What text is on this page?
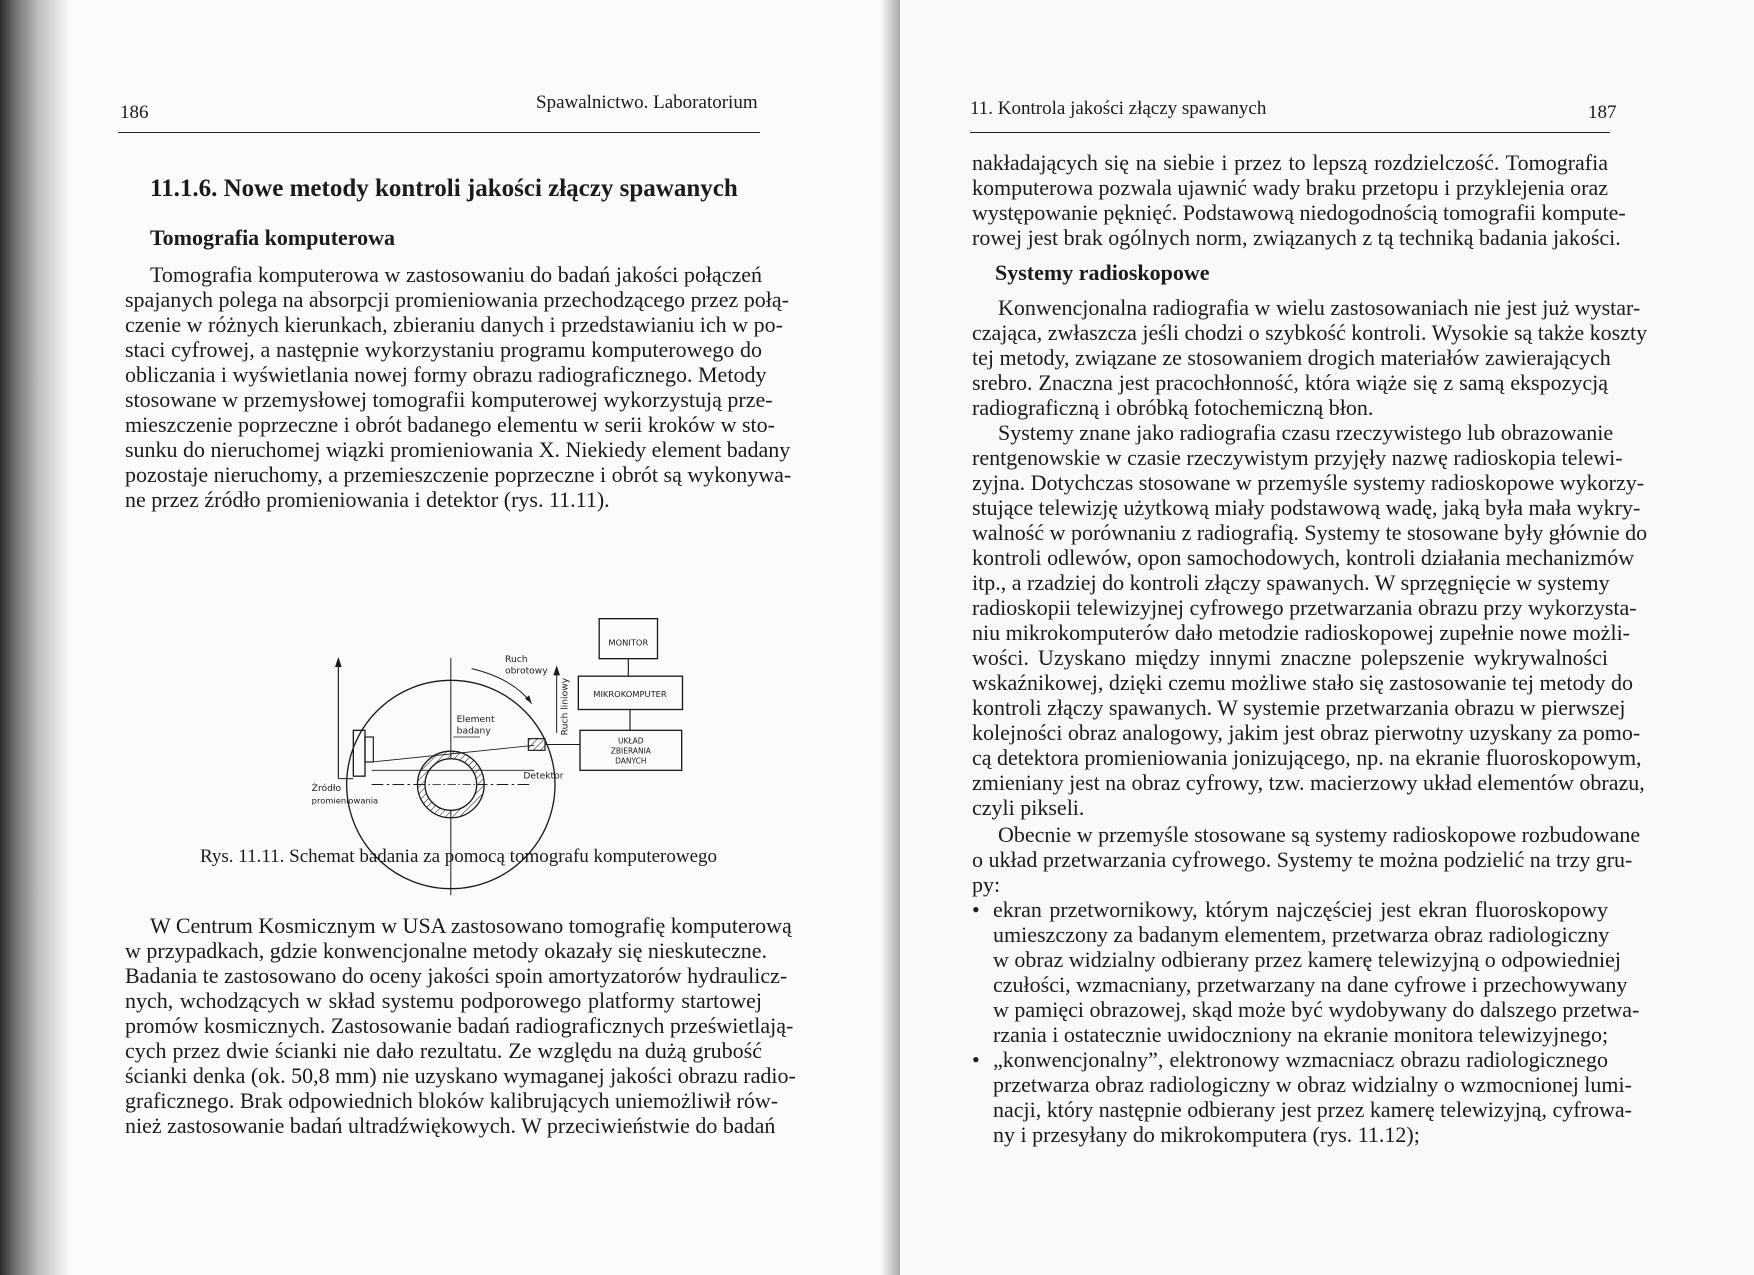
186	Spawalnictwo. Laboratorium
11.1.6. Nowe metody kontroli jakości złączy spawanych
Tomografia komputerowa
Tomografia komputerowa w zastosowaniu do badań jakości połączeń
spajanych polega na absorpcji promieniowania przechodzącego przez połą-
czenie w różnych kierunkach, zbieraniu danych i przedstawianiu ich w po-
staci cyfrowej, a następnie wykorzystaniu programu komputerowego do
obliczania i wyświetlania nowej formy obrazu radiograficznego. Metody
stosowane w przemysłowej tomografii komputerowej wykorzystują prze-
mieszczenie poprzeczne i obrót badanego elementu w serii kroków w sto-
sunku do nieruchomej wiązki promieniowania X. Niekiedy element badany
pozostaje nieruchomy, a przemieszczenie poprzeczne i obrót są wykonywa-
ne przez źródło promieniowania i detektor (rys. 11.11).
Element
badany
Ruch
obrotowy
Źródło
promieniowania
Detektor
Ruch liniowy
MONITOR
MIKROKOMPUTER
UKŁAD
ZBIERANIA
DANYCH
Rys. 11.11. Schemat badania za pomocą tomografu komputerowego
W Centrum Kosmicznym w USA zastosowano tomografię komputerową
w przypadkach, gdzie konwencjonalne metody okazały się nieskuteczne.
Badania te zastosowano do oceny jakości spoin amortyzatorów hydraulicz-
nych, wchodzących w skład systemu podporowego platformy startowej
promów kosmicznych. Zastosowanie badań radiograficznych prześwietlają-
cych przez dwie ścianki nie dało rezultatu. Ze względu na dużą grubość
ścianki denka (ok. 50,8 mm) nie uzyskano wymaganej jakości obrazu radio-
graficznego. Brak odpowiednich bloków kalibrujących uniemożliwił rów-
nież zastosowanie badań ultradźwiękowych. W przeciwieństwie do badań
11. Kontrola jakości złączy spawanych	187
nakładających się na siebie i przez to lepszą rozdzielczość. Tomografia
komputerowa pozwala ujawnić wady braku przetopu i przyklejenia oraz
występowanie pęknięć. Podstawową niedogodnością tomografii kompute-
rowej jest brak ogólnych norm, związanych z tą techniką badania jakości.
Systemy radioskopowe
Konwencjonalna radiografia w wielu zastosowaniach nie jest już wystar-
czająca, zwłaszcza jeśli chodzi o szybkość kontroli. Wysokie są także koszty
tej metody, związane ze stosowaniem drogich materiałów zawierających
srebro. Znaczna jest pracochłonność, która wiąże się z samą ekspozycją
radiograficzną i obróbką fotochemiczną błon.
Systemy znane jako radiografia czasu rzeczywistego lub obrazowanie
rentgenowskie w czasie rzeczywistym przyjęły nazwę radioskopia telewi-
zyjna. Dotychczas stosowane w przemyśle systemy radioskopowe wykorzy-
stujące telewizję użytkową miały podstawową wadę, jaką była mała wykry-
walność w porównaniu z radiografią. Systemy te stosowane były głównie do
kontroli odlewów, opon samochodowych, kontroli działania mechanizmów
itp., a rzadziej do kontroli złączy spawanych. W sprzęgnięcie w systemy
radioskopii telewizyjnej cyfrowego przetwarzania obrazu przy wykorzysta-
niu mikrokomputerów dało metodzie radioskopowej zupełnie nowe możli-
wości. Uzyskano między innymi znaczne polepszenie wykrywalności
wskaźnikowej, dzięki czemu możliwe stało się zastosowanie tej metody do
kontroli złączy spawanych. W systemie przetwarzania obrazu w pierwszej
kolejności obraz analogowy, jakim jest obraz pierwotny uzyskany za pomo-
cą detektora promieniowania jonizującego, np. na ekranie fluoroskopowym,
zmieniany jest na obraz cyfrowy, tzw. macierzowy układ elementów obrazu,
czyli pikseli.
Obecnie w przemyśle stosowane są systemy radioskopowe rozbudowane
o układ przetwarzania cyfrowego. Systemy te można podzielić na trzy gru-
py:
• ekran przetwornikowy, którym najczęściej jest ekran fluoroskopowy
umieszczony za badanym elementem, przetwarza obraz radiologiczny
w obraz widzialny odbierany przez kamerę telewizyjną o odpowiedniej
czułości, wzmacniany, przetwarzany na dane cyfrowe i przechowywany
w pamięci obrazowej, skąd może być wydobywany do dalszego przetwa-
rzania i ostatecznie uwidoczniony na ekranie monitora telewizyjnego;
• „konwencjonalny”, elektronowy wzmacniacz obrazu radiologicznego
przetwarza obraz radiologiczny w obraz widzialny o wzmocnionej lumi-
nacji, który następnie odbierany jest przez kamerę telewizyjną, cyfrowa-
ny i przesyłany do mikrokomputera (rys. 11.12);
